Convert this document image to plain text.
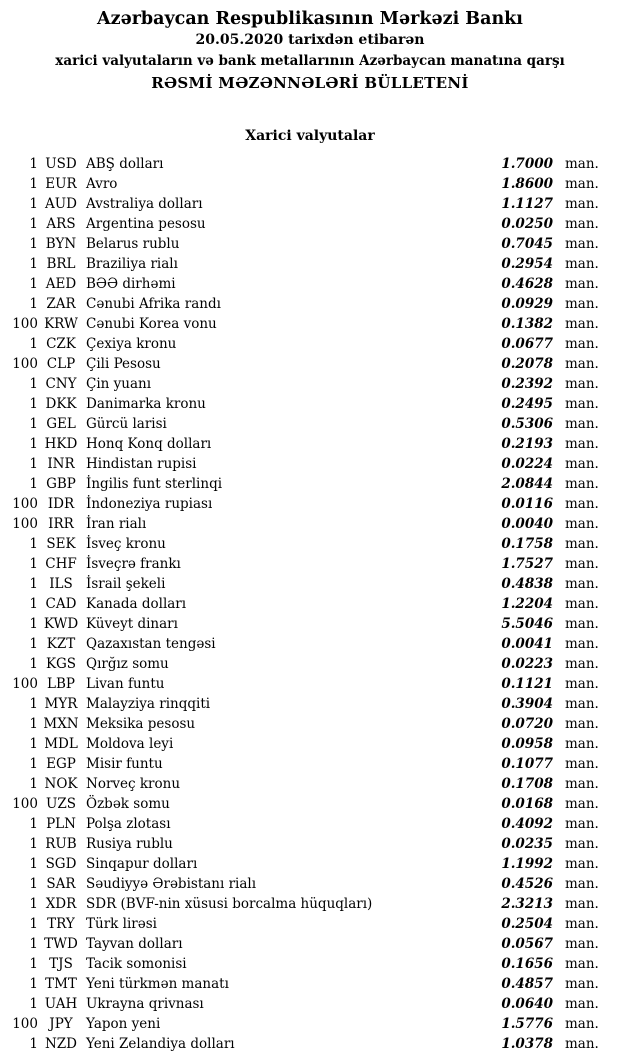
Azərbaycan Respublikasının Mərkəzi Bankı
20.05.2020 tarixdən etibarən
xarici valyutaların və bank metallarının Azərbaycan manatına qarşı
RƏSMİ MƏZƏNNƏLƏRİ BÜLLETENİ
Xarici valyutalar
1 USD ABŞ dolları	1.7000 man.
1 EUR Avro	1.8600 man.
1 AUD Avstraliya dolları	1.1127 man.
1 ARS Argentina pesosu	0.0250 man.
1 BYN Belarus rublu	0.7045 man.
1 BRL Braziliya rialı	0.2954 man.
1 AED BƏƏ dirhəmi	0.4628 man.
1 ZAR Cənubi Afrika randı	0.0929 man.
100 KRW Cənubi Korea vonu	0.1382 man.
1 CZK Çexiya kronu	0.0677 man.
100 CLP Çili Pesosu	0.2078 man.
1 CNY Çin yuanı	0.2392 man.
1 DKK Danimarka kronu	0.2495 man.
1 GEL Gürcü larisi	0.5306 man.
1 HKD Honq Konq dolları	0.2193 man.
1 INR Hindistan rupisi	0.0224 man.
1 GBP İngilis funt sterlinqi	2.0844 man.
100 IDR İndoneziya rupiası	0.0116 man.
100 IRR İran rialı	0.0040 man.
1 SEK İsveç kronu	0.1758 man.
1 CHF İsveçrə frankı	1.7527 man.
1 ILS İsrail şekeli	0.4838 man.
1 CAD Kanada dolları	1.2204 man.
1 KWD Küveyt dinarı	5.5046 man.
1 KZT Qazaxıstan tengəsi	0.0041 man.
1 KGS Qırğız somu	0.0223 man.
100 LBP Livan funtu	0.1121 man.
1 MYR Malayziya rinqqiti	0.3904 man.
1 MXN Meksika pesosu	0.0720 man.
1 MDL Moldova leyi	0.0958 man.
1 EGP Misir funtu	0.1077 man.
1 NOK Norveç kronu	0.1708 man.
100 UZS Özbək somu	0.0168 man.
1 PLN Polşa zlotası	0.4092 man.
1 RUB Rusiya rublu	0.0235 man.
1 SGD Sinqapur dolları	1.1992 man.
1 SAR Səudiyyə Ərəbistanı rialı	0.4526 man.
1 XDR SDR (BVF-nin xüsusi borcalma hüquqları)	2.3213 man.
1 TRY Türk lirəsi	0.2504 man.
1 TWD Tayvan dolları	0.0567 man.
1 TJS Tacik somonisi	0.1656 man.
1 TMT Yeni türkmən manatı	0.4857 man.
1 UAH Ukrayna qrivnası	0.0640 man.
100 JPY Yapon yeni	1.5776 man.
1 NZD Yeni Zelandiya dolları	1.0378 man.
